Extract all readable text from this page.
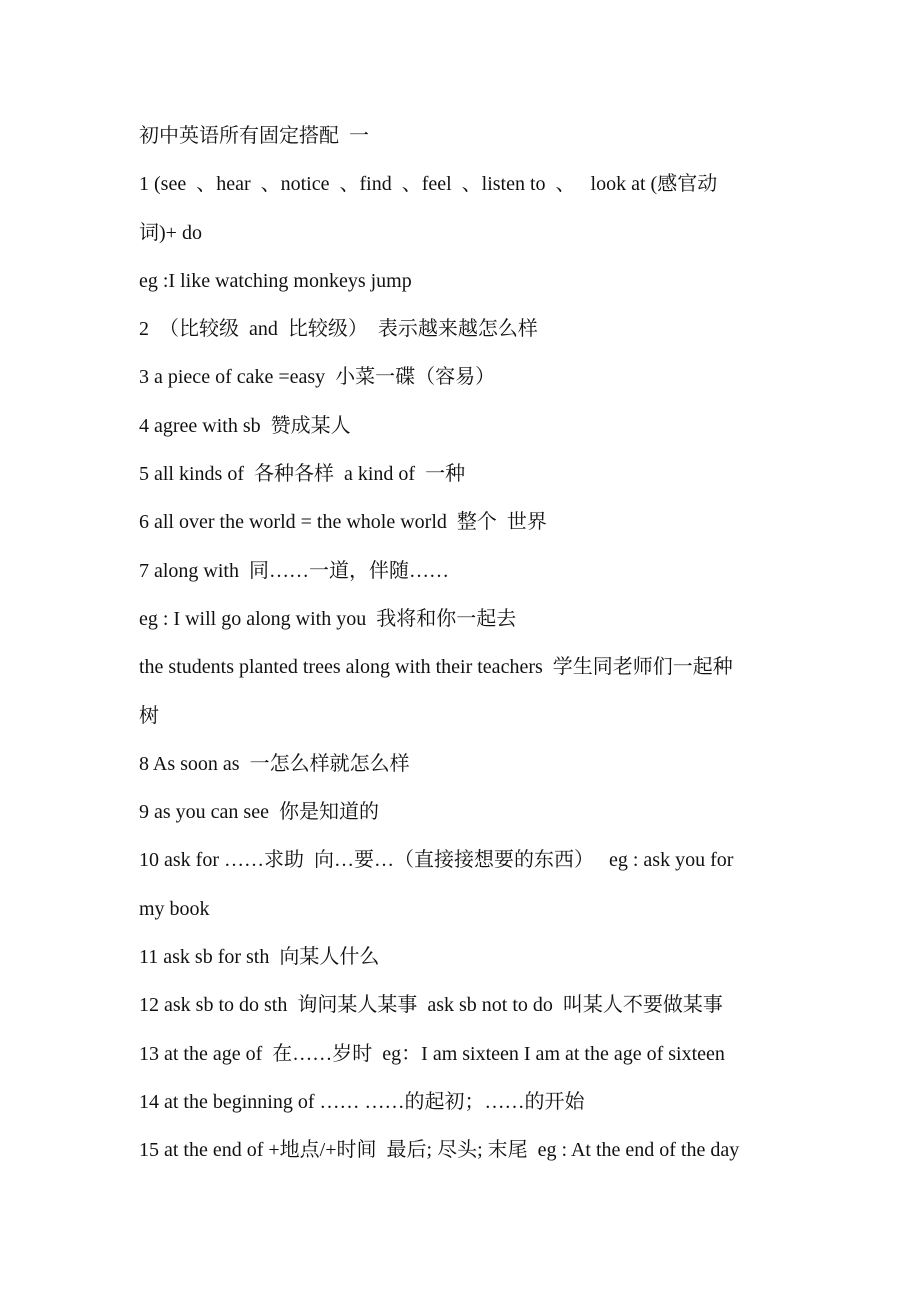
初中英语所有固定搭配  一
1 (see  、hear  、notice  、find  、feel  、listen to  、   look at (感官动
词)+ do
eg :I like watching monkeys jump
2  （比较级  and  比较级）  表示越来越怎么样
3 a piece of cake =easy  小菜一碟（容易）
4 agree with sb  赞成某人
5 all kinds of  各种各样  a kind of  一种
6 all over the world = the whole world  整个  世界
7 along with  同……一道，伴随……
eg : I will go along with you  我将和你一起去
the students planted trees along with their teachers  学生同老师们一起种
树
8 As soon as  一怎么样就怎么样
9 as you can see  你是知道的
10 ask for ……求助  向…要…（直接接想要的东西）   eg : ask you for
my book
11 ask sb for sth  向某人什么
12 ask sb to do sth  询问某人某事  ask sb not to do  叫某人不要做某事
13 at the age of  在……岁时  eg：I am sixteen I am at the age of sixteen
14 at the beginning of …… ……的起初；……的开始
15 at the end of +地点/+时间  最后; 尽头; 末尾  eg : At the end of the day
